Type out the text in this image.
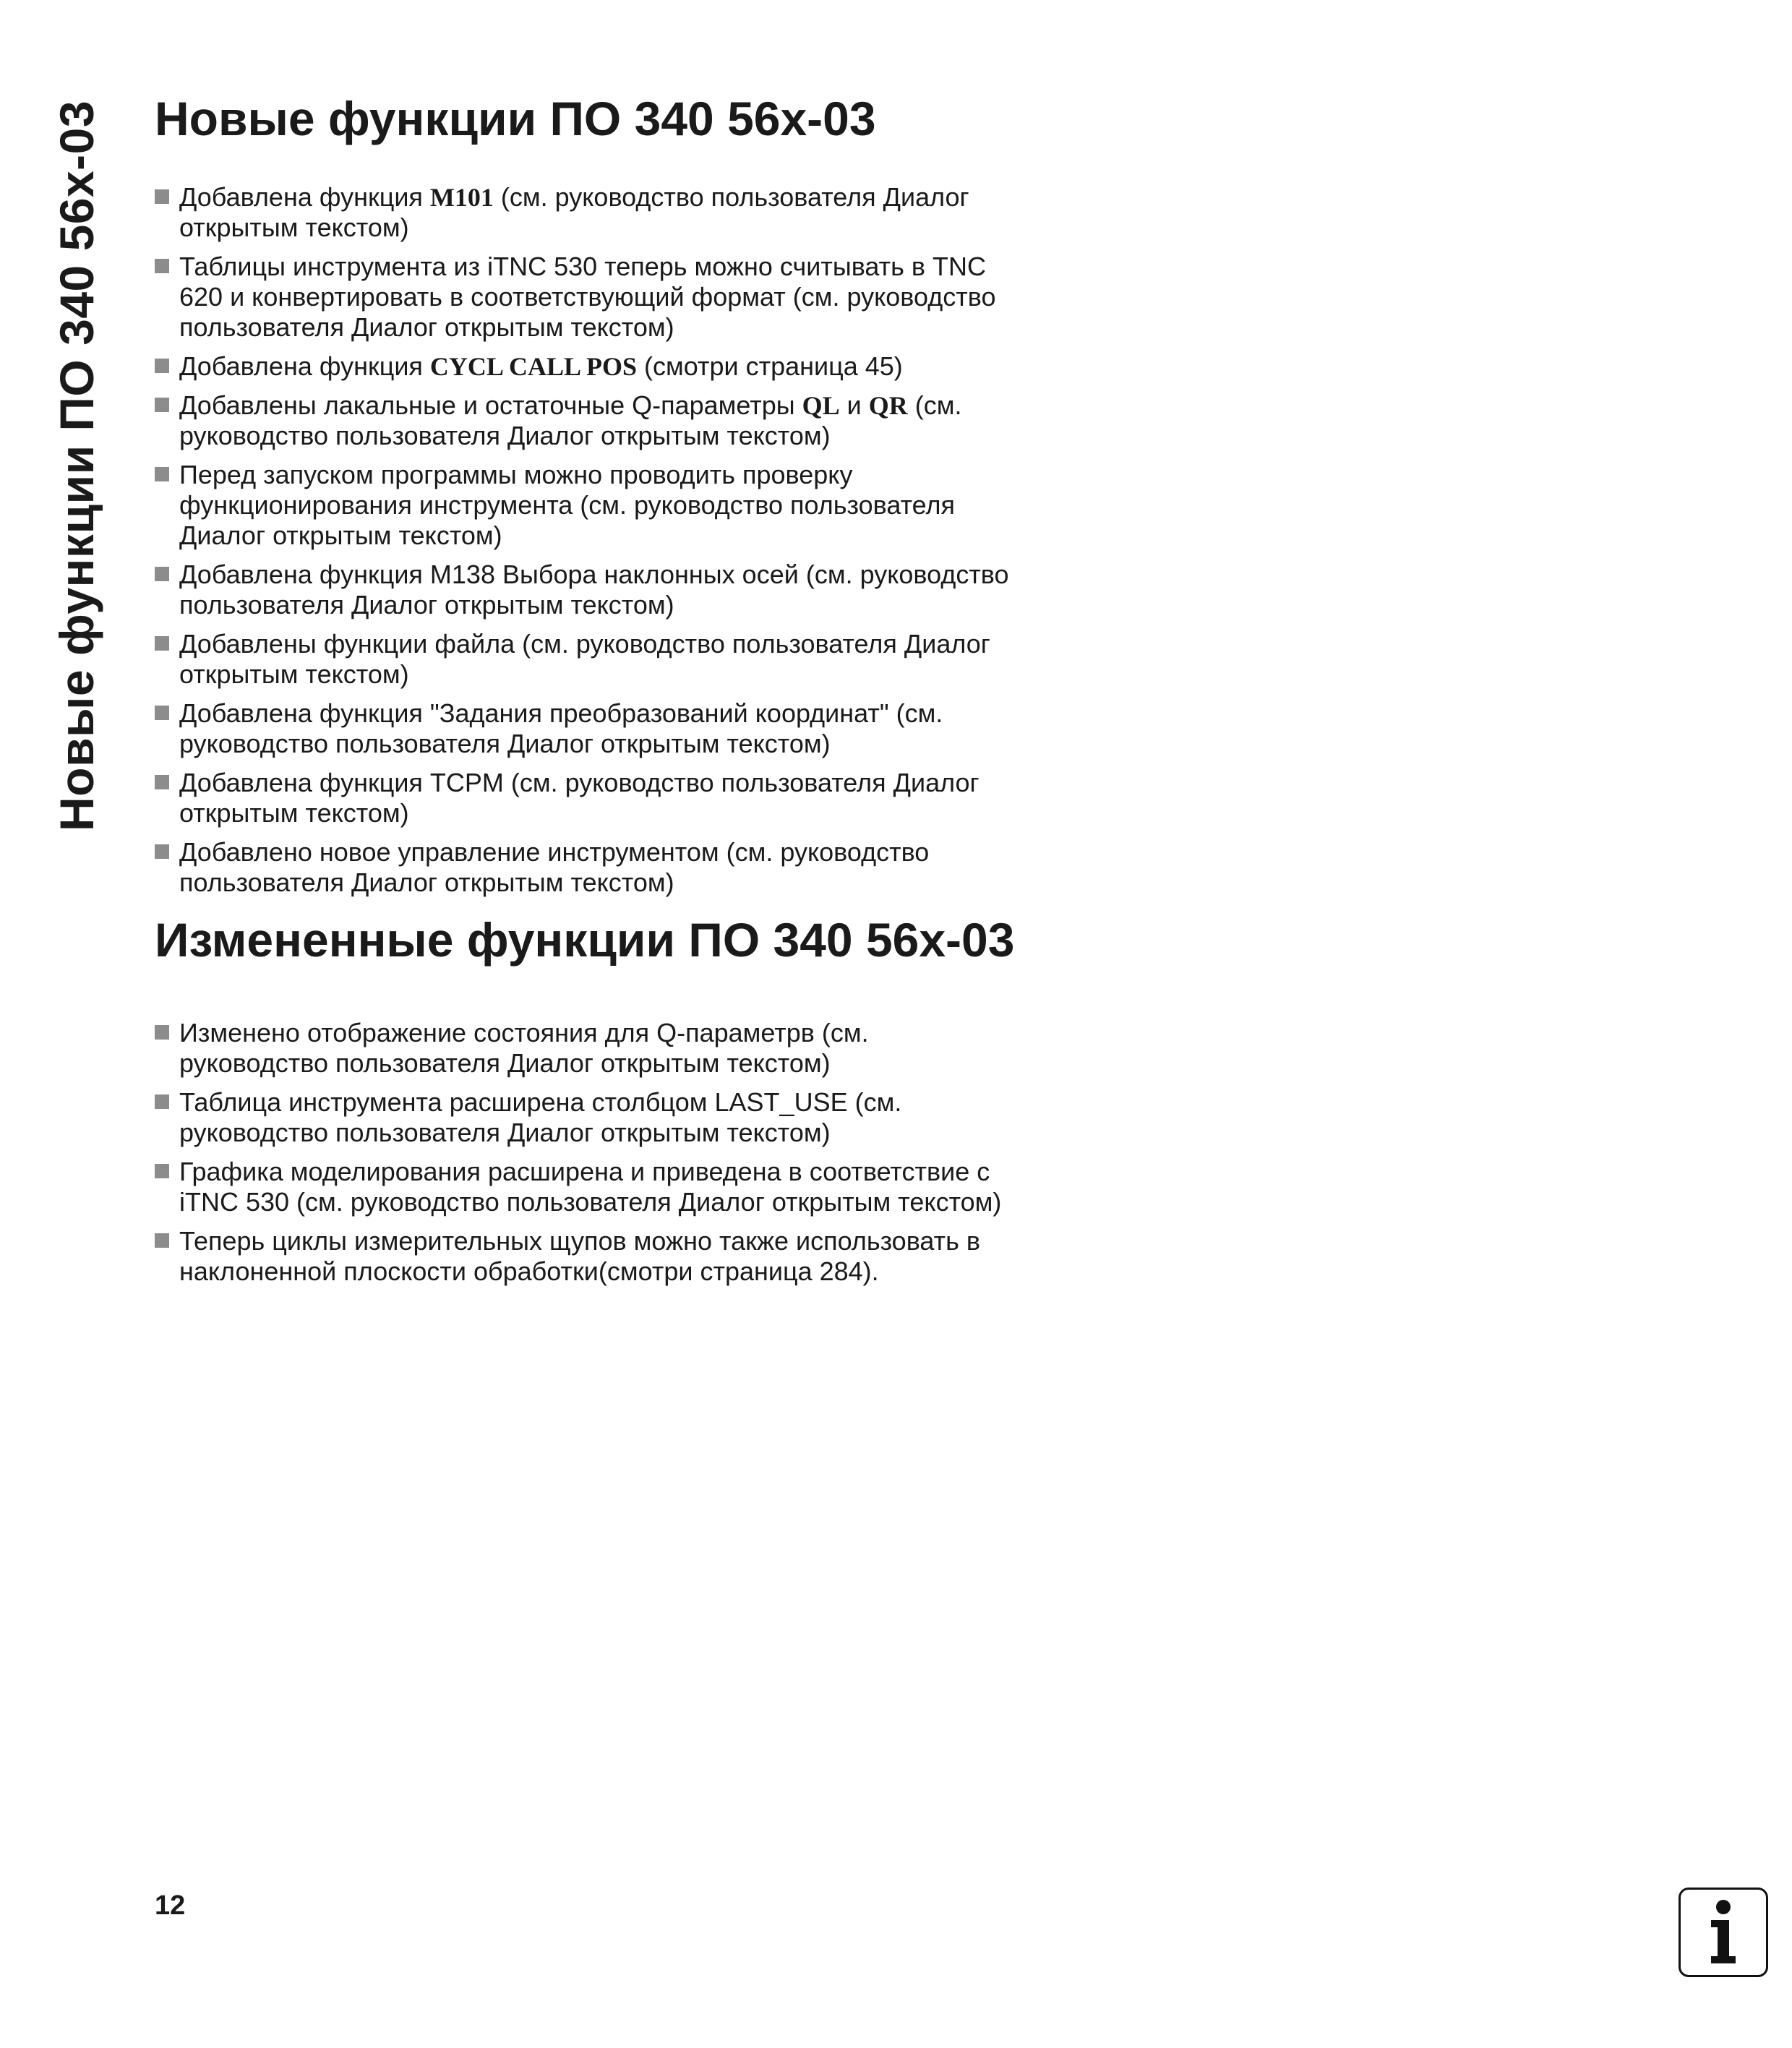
Новые функции ПО 340 56x-03 Новые функции ПО 340 56x-03
Добавлена функция M101 (см. руководство пользователя Диалог открытым текстом)
Таблицы инструмента из iTNC 530 теперь можно считывать в TNC 620 и конвертировать в соответствующий формат (см. руководство пользователя Диалог открытым текстом)
Добавлена функция CYCL CALL POS (смотри страница 45)
Добавлены лакальные и остаточные Q-параметры QL и QR (см. руководство пользователя Диалог открытым текстом)
Перед запуском программы можно проводить проверку функционирования инструмента (см. руководство пользователя Диалог открытым текстом)
Добавлена функция M138 Выбора наклонных осей (см. руководство пользователя Диалог открытым текстом)
Добавлены функции файла (см. руководство пользователя Диалог открытым текстом)
Добавлена функция "Задания преобразований координат" (см. руководство пользователя Диалог открытым текстом)
Добавлена функция TCPM (см. руководство пользователя Диалог открытым текстом)
Добавлено новое управление инструментом (см. руководство пользователя Диалог открытым текстом)
Измененные функции ПО 340 56x-03
Изменено отображение состояния для Q-параметрв (см. руководство пользователя Диалог открытым текстом)
Таблица инструмента расширена столбцом LAST_USE (см. руководство пользователя Диалог открытым текстом)
Графика моделирования расширена и приведена в соответствие с iTNC 530 (см. руководство пользователя Диалог открытым текстом)
Теперь циклы измерительных щупов можно также использовать в наклоненной плоскости обработки(смотри страница 284).
12
